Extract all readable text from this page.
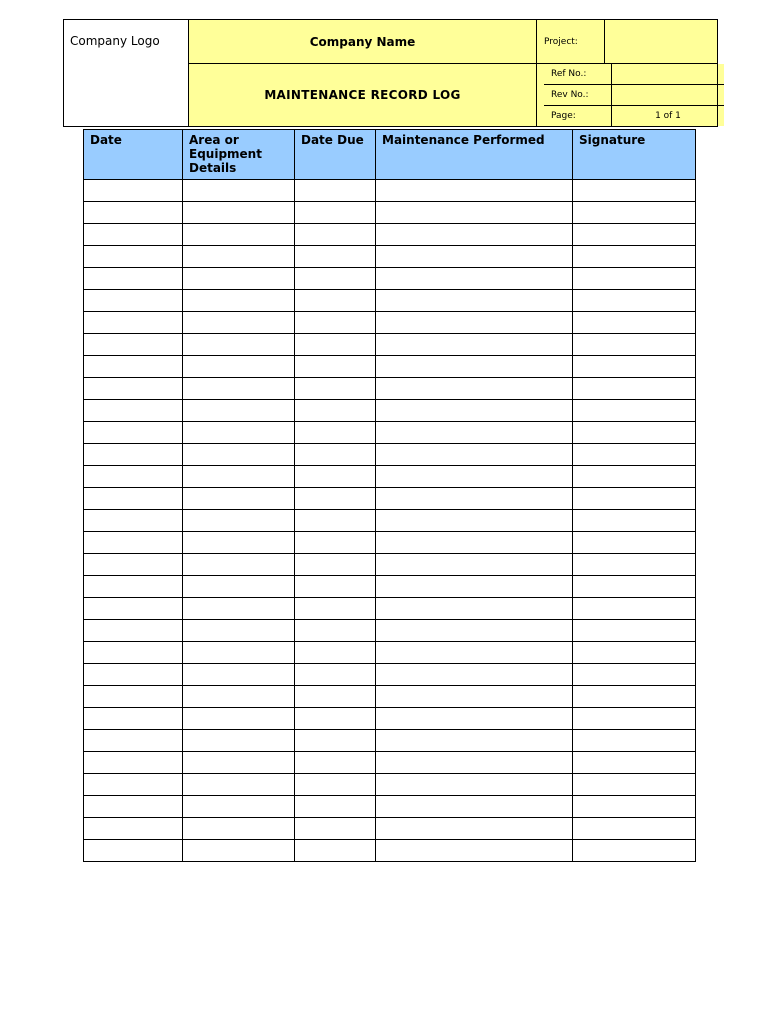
Company Logo	Company Name	Project:	
MAINTENANCE RECORD LOG	
Ref No.:	
Rev No.:	
Page:	1 of 1
Date	Area or Equipment Details	Date Due	Maintenance Performed	Signature
